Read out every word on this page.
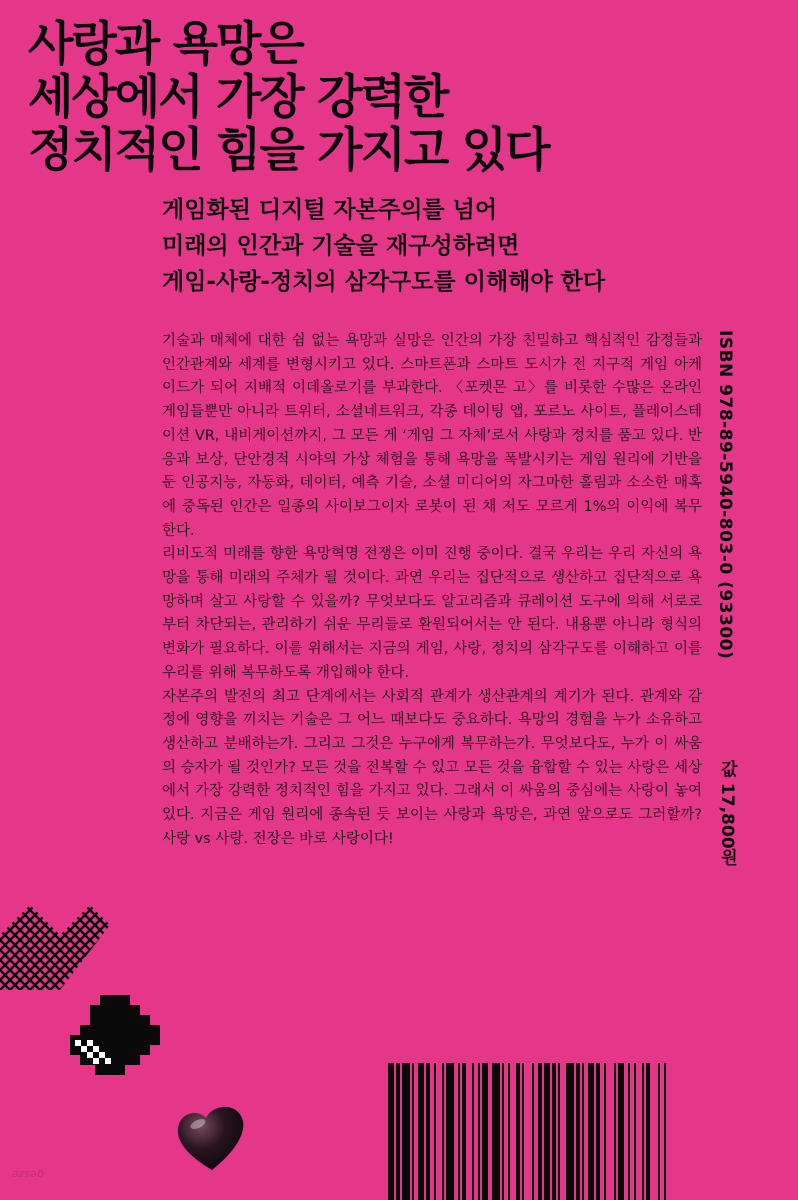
사랑과 욕망은
세상에서 가장 강력한
정치적인 힘을 가지고 있다
게임화된 디지털 자본주의를 넘어
미래의 인간과 기술을 재구성하려면
게임-사랑-정치의 삼각구도를 이해해야 한다

기술과 매체에 대한 쉼 없는 욕망과 실망은 인간의 가장 친밀하고 핵심적인 감정들과 인간관계와 세계를 변형시키고 있다. 스마트폰과 스마트 도시가 전 지구적 게임 아케이드가 되어 지배적 이데올로기를 부과한다. 〈포켓몬 고〉를 비롯한 수많은 온라인 게임들뿐만 아니라 트위터, 소셜네트워크, 각종 데이팅 앱, 포르노 사이트, 플레이스테이션 VR, 내비게이션까지, 그 모든 게 ‘게임 그 자체’로서 사랑과 정치를 품고 있다. 반응과 보상, 단안경적 시야의 가상 체험을 통해 욕망을 폭발시키는 게임 원리에 기반을 둔 인공지능, 자동화, 데이터, 예측 기술, 소셜 미디어의 자그마한 홀림과 소소한 매혹에 중독된 인간은 일종의 사이보그이자 로봇이 된 채 저도 모르게 1%의 이익에 복무한다.

리비도적 미래를 향한 욕망혁명 전쟁은 이미 진행 중이다. 결국 우리는 우리 자신의 욕망을 통해 미래의 주체가 될 것이다. 과연 우리는 집단적으로 생산하고 집단적으로 욕망하며 살고 사랑할 수 있을까? 무엇보다도 알고리즘과 큐레이션 도구에 의해 서로로부터 차단되는, 관리하기 쉬운 무리들로 환원되어서는 안 된다. 내용뿐 아니라 형식의 변화가 필요하다. 이를 위해서는 지금의 게임, 사랑, 정치의 삼각구도를 이해하고 이를 우리를 위해 복무하도록 개입해야 한다.

자본주의 발전의 최고 단계에서는 사회적 관계가 생산관계의 계기가 된다. 관계와 감정에 영향을 끼치는 기술은 그 어느 때보다도 중요하다. 욕망의 경험을 누가 소유하고 생산하고 분배하는가. 그리고 그것은 누구에게 복무하는가. 무엇보다도, 누가 이 싸움의 승자가 될 것인가? 모든 것을 전복할 수 있고 모든 것을 융합할 수 있는 사랑은 세상에서 가장 강력한 정치적인 힘을 가지고 있다. 그래서 이 싸움의 중심에는 사랑이 놓여 있다. 지금은 게임 원리에 종속된 듯 보이는 사랑과 욕망은, 과연 앞으로도 그러할까? 사랑 vs 사랑. 전장은 바로 사랑이다!

ISBN 978-89-5940-803-0 (93300)
값 17,800원
gesze
